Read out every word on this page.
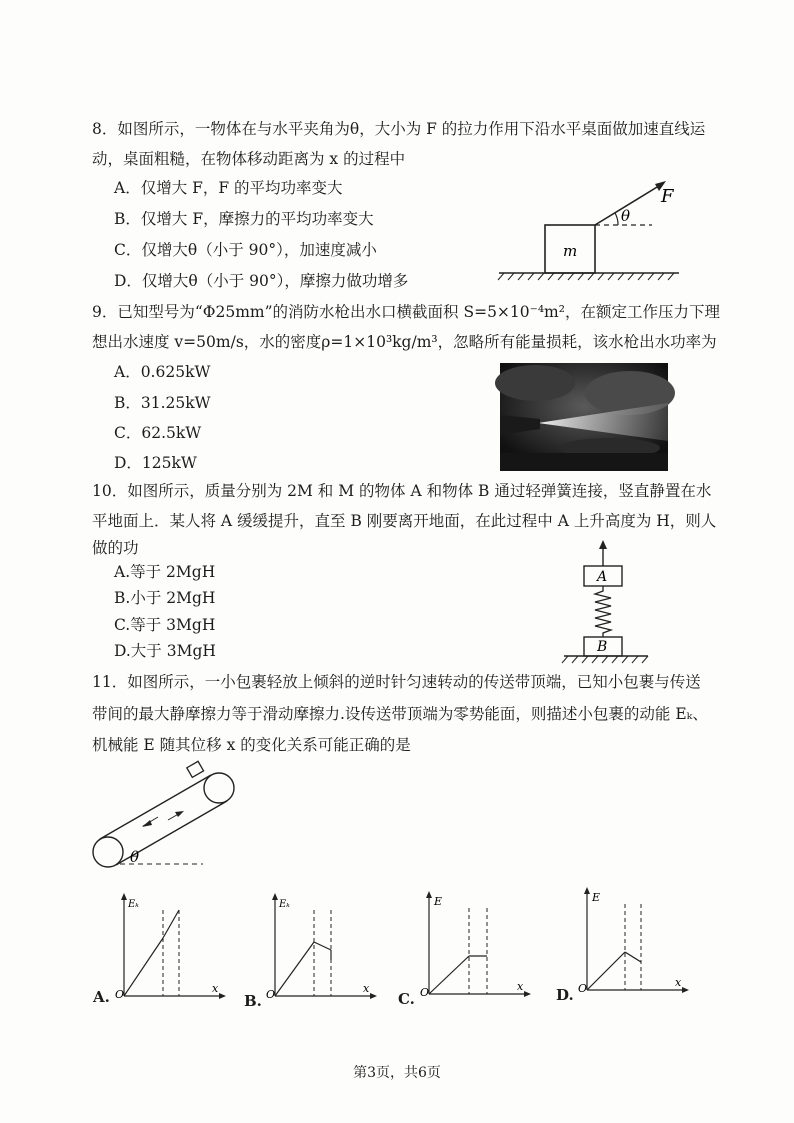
8．如图所示，一物体在与水平夹角为θ，大小为 F 的拉力作用下沿水平桌面做加速直线运
动，桌面粗糙，在物体移动距离为 x 的过程中
A．仅增大 F，F 的平均功率变大
B．仅增大 F，摩擦力的平均功率变大
C．仅增大θ（小于 90°），加速度减小
D．仅增大θ（小于 90°），摩擦力做功增多
m
θ
F
9．已知型号为“Φ25mm”的消防水枪出水口横截面积 S=5×10⁻⁴m²，在额定工作压力下理
想出水速度 v=50m/s，水的密度ρ=1×10³kg/m³，忽略所有能量损耗，该水枪出水功率为
A．0.625kW
B．31.25kW
C．62.5kW
D．125kW
10．如图所示，质量分别为 2M 和 M 的物体 A 和物体 B 通过轻弹簧连接，竖直静置在水
平地面上．某人将 A 缓缓提升，直至 B 刚要离开地面，在此过程中 A 上升高度为 H，则人
做的功
A.等于 2MgH
B.小于 2MgH
C.等于 3MgH
D.大于 3MgH
A
B
11．如图所示，一小包裹轻放上倾斜的逆时针匀速转动的传送带顶端，已知小包裹与传送
带间的最大静摩擦力等于滑动摩擦力.设传送带顶端为零势能面，则描述小包裹的动能 Eₖ、
机械能 E 随其位移 x 的变化关系可能正确的是
θ
Eₖ
x
O
A.
Eₖ
x
O
B.
E
x
O
C.
E
x
O
D.
第3页，共6页
